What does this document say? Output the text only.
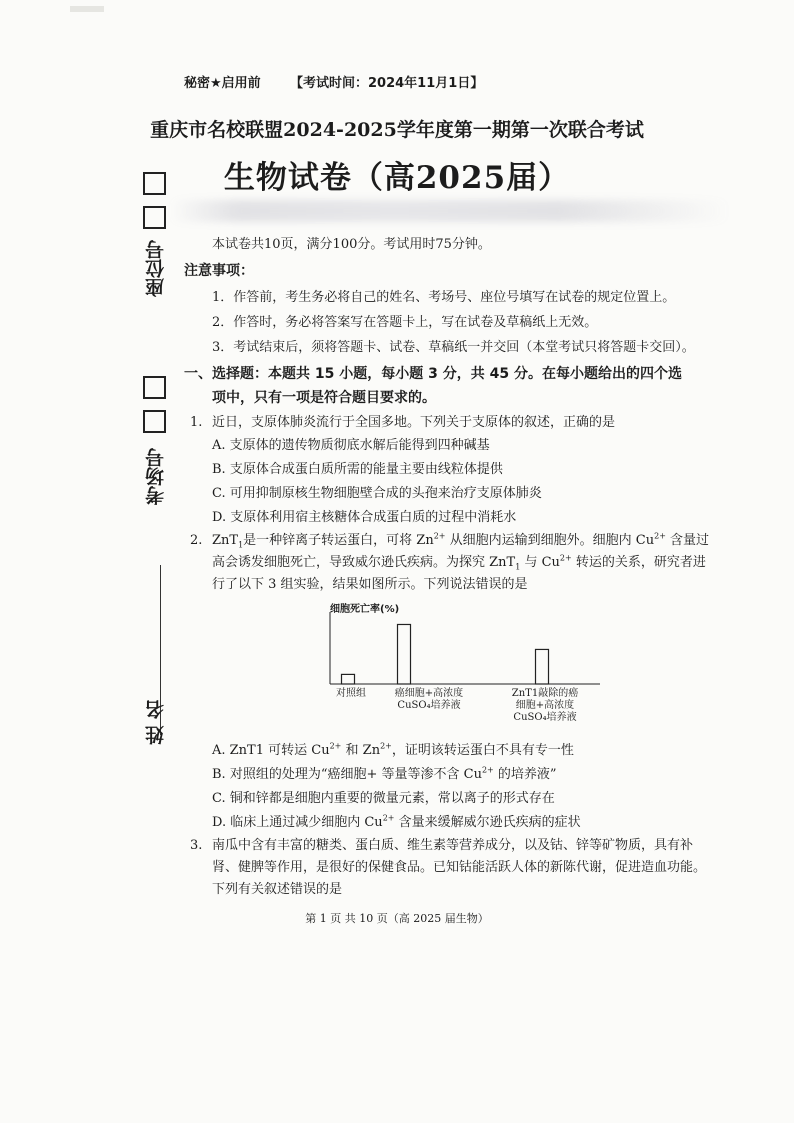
秘密★启用前 【考试时间：2024年11月1日】
重庆市名校联盟2024-2025学年度第一期第一次联合考试
生物试卷（高2025届）
座位号
考场号
姓 名
本试卷共10页，满分100分。考试用时75分钟。
注意事项：
1．作答前，考生务必将自己的姓名、考场号、座位号填写在试卷的规定位置上。
2．作答时，务必将答案写在答题卡上，写在试卷及草稿纸上无效。
3．考试结束后，须将答题卡、试卷、草稿纸一并交回（本堂考试只将答题卡交回）。
一、选择题：本题共 15 小题，每小题 3 分，共 45 分。在每小题给出的四个选
项中，只有一项是符合题目要求的。
1. 近日，支原体肺炎流行于全国多地。下列关于支原体的叙述，正确的是
A. 支原体的遗传物质彻底水解后能得到四种碱基
B. 支原体合成蛋白质所需的能量主要由线粒体提供
C. 可用抑制原核生物细胞壁合成的头孢来治疗支原体肺炎
D. 支原体利用宿主核糖体合成蛋白质的过程中消耗水
2. ZnT$_1$是一种锌离子转运蛋白，可将 $Zn^{2+}$ 从细胞内运输到细胞外。细胞内 $Cu^{2+}$ 含量过
高会诱发细胞死亡，导致威尔逊氏疾病。为探究 ZnT$_1$ 与 $Cu^{2+}$ 转运的关系，研究者进
行了以下 3 组实验，结果如图所示。下列说法错误的是
细胞死亡率(%)
对照组	癌细胞+高浓度
CuSO₄培养液
ZnT1敲除的癌
细胞+高浓度
CuSO₄培养液
A. ZnT1 可转运 $Cu^{2+}$ 和 $Zn^{2+}$，证明该转运蛋白不具有专一性
B. 对照组的处理为“癌细胞+ 等量等渗不含 $Cu^{2+}$ 的培养液”
C. 铜和锌都是细胞内重要的微量元素，常以离子的形式存在
D. 临床上通过减少细胞内 $Cu^{2+}$ 含量来缓解威尔逊氏疾病的症状
3. 南瓜中含有丰富的糖类、蛋白质、维生素等营养成分，以及钴、锌等矿物质，具有补
肾、健脾等作用，是很好的保健食品。已知钴能活跃人体的新陈代谢，促进造血功能。
下列有关叙述错误的是
第 1 页 共 10 页（高 2025 届生物）
